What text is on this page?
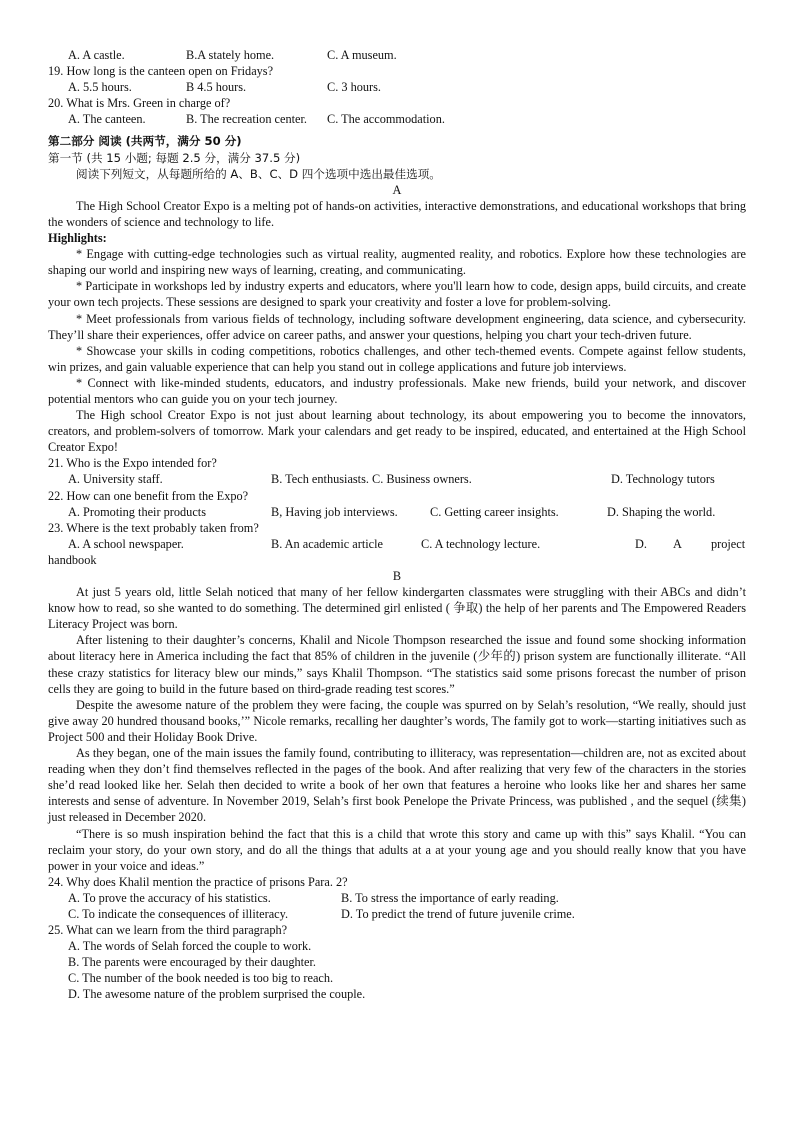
A. A castle.	B.A stately home.	C. A museum.

19. How long is the canteen open on Fridays?

A. 5.5 hours.	B 4.5 hours.	C. 3 hours.

20. What is Mrs. Green in charge of?

A. The canteen.	B. The recreation center.	C. The accommodation.

第二部分 阅读 (共两节，满分 50 分)

第一节 (共 15 小题; 每题 2.5 分，满分 37.5 分)

阅读下列短文，从每题所给的 A、B、C、D 四个选项中选出最佳选项。

A

The High School Creator Expo is a melting pot of hands-on activities, interactive demonstrations, and educational workshops that bring the wonders of science and technology to life.

Highlights:

* Engage with cutting-edge technologies such as virtual reality, augmented reality, and robotics. Explore how these technologies are shaping our world and inspiring new ways of learning, creating, and communicating.

* Participate in workshops led by industry experts and educators, where you'll learn how to code, design apps, build circuits, and create your own tech projects. These sessions are designed to spark your creativity and foster a love for problem-solving.

* Meet professionals from various fields of technology, including software development engineering, data science, and cybersecurity. They’ll share their experiences, offer advice on career paths, and answer your questions, helping you chart your tech-driven future.

* Showcase your skills in coding competitions, robotics challenges, and other tech-themed events. Compete against fellow students, win prizes, and gain valuable experience that can help you stand out in college applications and future job interviews.

* Connect with like-minded students, educators, and industry professionals. Make new friends, build your network, and discover potential mentors who can guide you on your tech journey.

The High school Creator Expo is not just about learning about technology, its about empowering you to become the innovators, creators, and problem-solvers of tomorrow. Mark your calendars and get ready to be inspired, educated, and entertained at the High School Creator Expo!

21. Who is the Expo intended for?

A. University staff.	B. Tech enthusiasts. C. Business owners.	D. Technology tutors

22. How can one benefit from the Expo?

A. Promoting their products	B, Having job interviews.	C. Getting career insights.	D. Shaping the world.

23. Where is the text probably taken from?

A. A school newspaper.	B. An academic article	C. A technology lecture.	D.	A	project

handbook

B

At just 5 years old, little Selah noticed that many of her fellow kindergarten classmates were struggling with their ABCs and didn’t know how to read, so she wanted to do something. The determined girl enlisted ( 争取) the help of her parents and The Empowered Readers Literacy Project was born.

After listening to their daughter’s concerns, Khalil and Nicole Thompson researched the issue and found some shocking information about literacy here in America including the fact that 85% of children in the juvenile (少年的) prison system are functionally illiterate. “All these crazy statistics for literacy blew our minds,” says Khalil Thompson. “The statistics said some prisons forecast the number of prison cells they are going to build in the future based on third-grade reading test scores.”

Despite the awesome nature of the problem they were facing, the couple was spurred on by Selah’s resolution, “We really, should just give away 20 hundred thousand books,’” Nicole remarks, recalling her daughter’s words, The family got to work—starting initiatives such as Project 500 and their Holiday Book Drive.

As they began, one of the main issues the family found, contributing to illiteracy, was representation—children are, not as excited about reading when they don’t find themselves reflected in the pages of the book. And after realizing that very few of the characters in the stories she’d read looked like her. Selah then decided to write a book of her own that features a heroine who looks like her and shares her same interests and sense of adventure. In November 2019, Selah’s first book Penelope the Private Princess, was published , and the sequel (续集) just released in December 2020.

“There is so mush inspiration behind the fact that this is a child that wrote this story and came up with this” says Khalil. “You can reclaim your story, do your own story, and do all the things that adults at a at your young age and you should really know that you have power in your voice and ideas.”

24. Why does Khalil mention the practice of prisons Para. 2?

A. To prove the accuracy of his statistics.	B. To stress the importance of early reading.
C. To indicate the consequences of illiteracy.	D. To predict the trend of future juvenile crime.

25. What can we learn from the third paragraph?

A. The words of Selah forced the couple to work.

B. The parents were encouraged by their daughter.

C. The number of the book needed is too big to reach.

D. The awesome nature of the problem surprised the couple.
